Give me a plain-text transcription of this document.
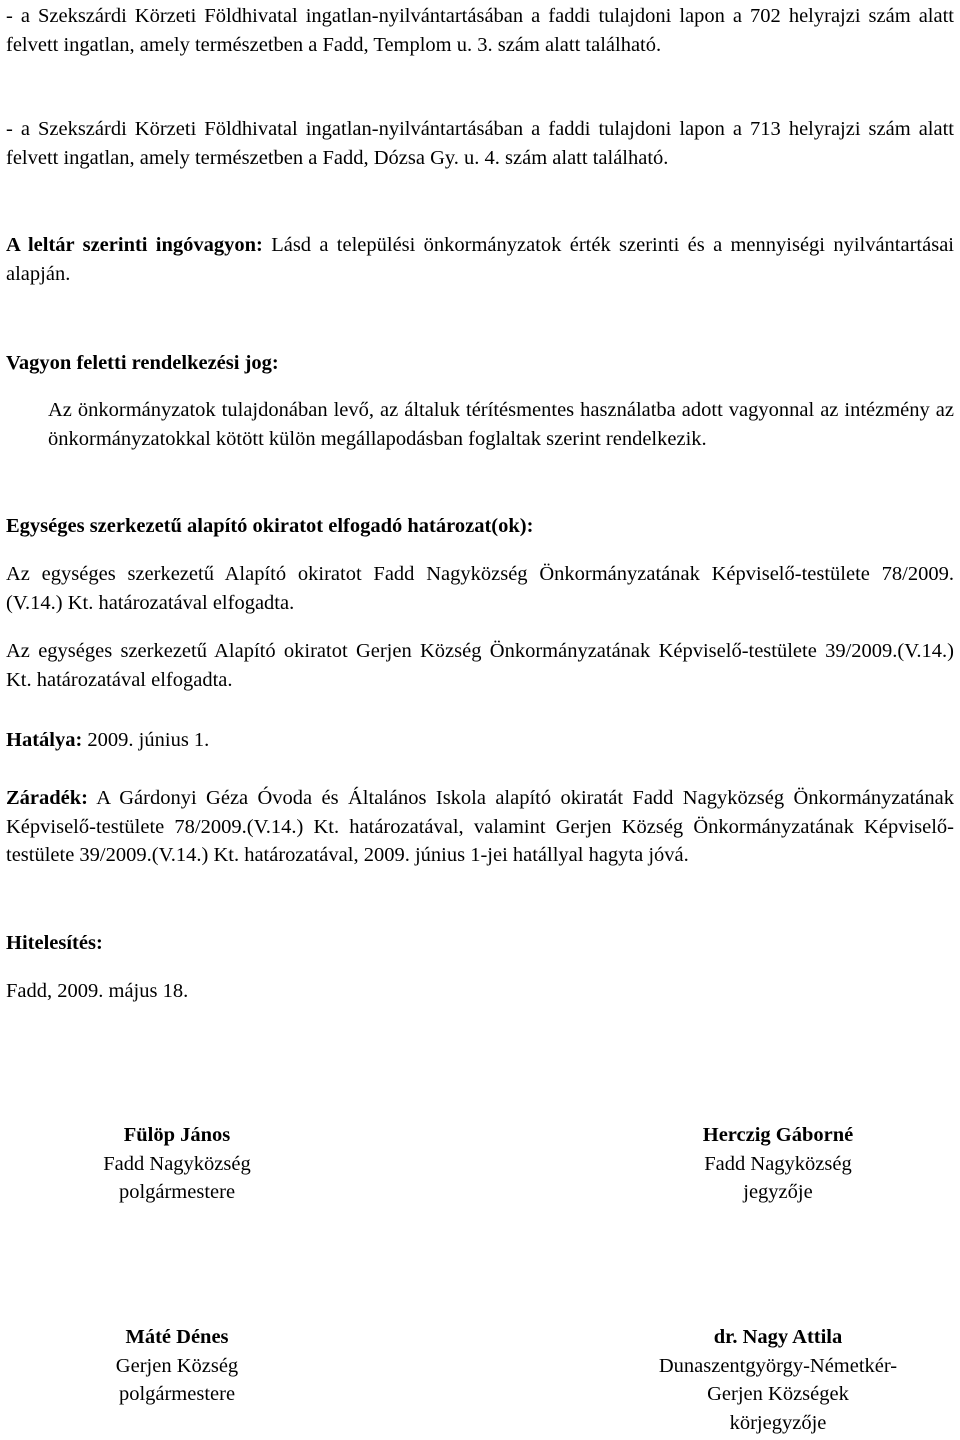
- a Szekszárdi Körzeti Földhivatal ingatlan-nyilvántartásában a faddi tulajdoni lapon a 702 helyrajzi szám alatt felvett ingatlan, amely természetben a Fadd, Templom u. 3. szám alatt található.
- a Szekszárdi Körzeti Földhivatal ingatlan-nyilvántartásában a faddi tulajdoni lapon a 713 helyrajzi szám alatt felvett ingatlan, amely természetben a Fadd, Dózsa Gy. u. 4. szám alatt található.
A leltár szerinti ingóvagyon: Lásd a települési önkormányzatok érték szerinti és a mennyiségi nyilvántartásai alapján.
Vagyon feletti rendelkezési jog:
Az önkormányzatok tulajdonában levő, az általuk térítésmentes használatba adott vagyonnal az intézmény az önkormányzatokkal kötött külön megállapodásban foglaltak szerint rendelkezik.
Egységes szerkezetű alapító okiratot elfogadó határozat(ok):
Az egységes szerkezetű Alapító okiratot Fadd Nagyközség Önkormányzatának Képviselő-testülete 78/2009. (V.14.) Kt. határozatával elfogadta.
Az egységes szerkezetű Alapító okiratot Gerjen Község Önkormányzatának Képviselő-testülete 39/2009.(V.14.) Kt. határozatával elfogadta.
Hatálya: 2009. június 1.
Záradék: A Gárdonyi Géza Óvoda és Általános Iskola alapító okiratát Fadd Nagyközség Önkormányzatának Képviselő-testülete 78/2009.(V.14.) Kt. határozatával, valamint Gerjen Község Önkormányzatának Képviselő-testülete 39/2009.(V.14.) Kt. határozatával, 2009. június 1-jei hatállyal hagyta jóvá.
Hitelesítés:
Fadd, 2009. május 18.
Fülöp János
Fadd Nagyközség
polgármestere
Herczig Gáborné
Fadd Nagyközség
jegyzője
Máté Dénes
Gerjen Község
polgármestere
dr. Nagy Attila
Dunaszentgyörgy-Németkér-
Gerjen Községek
körjegyzője
